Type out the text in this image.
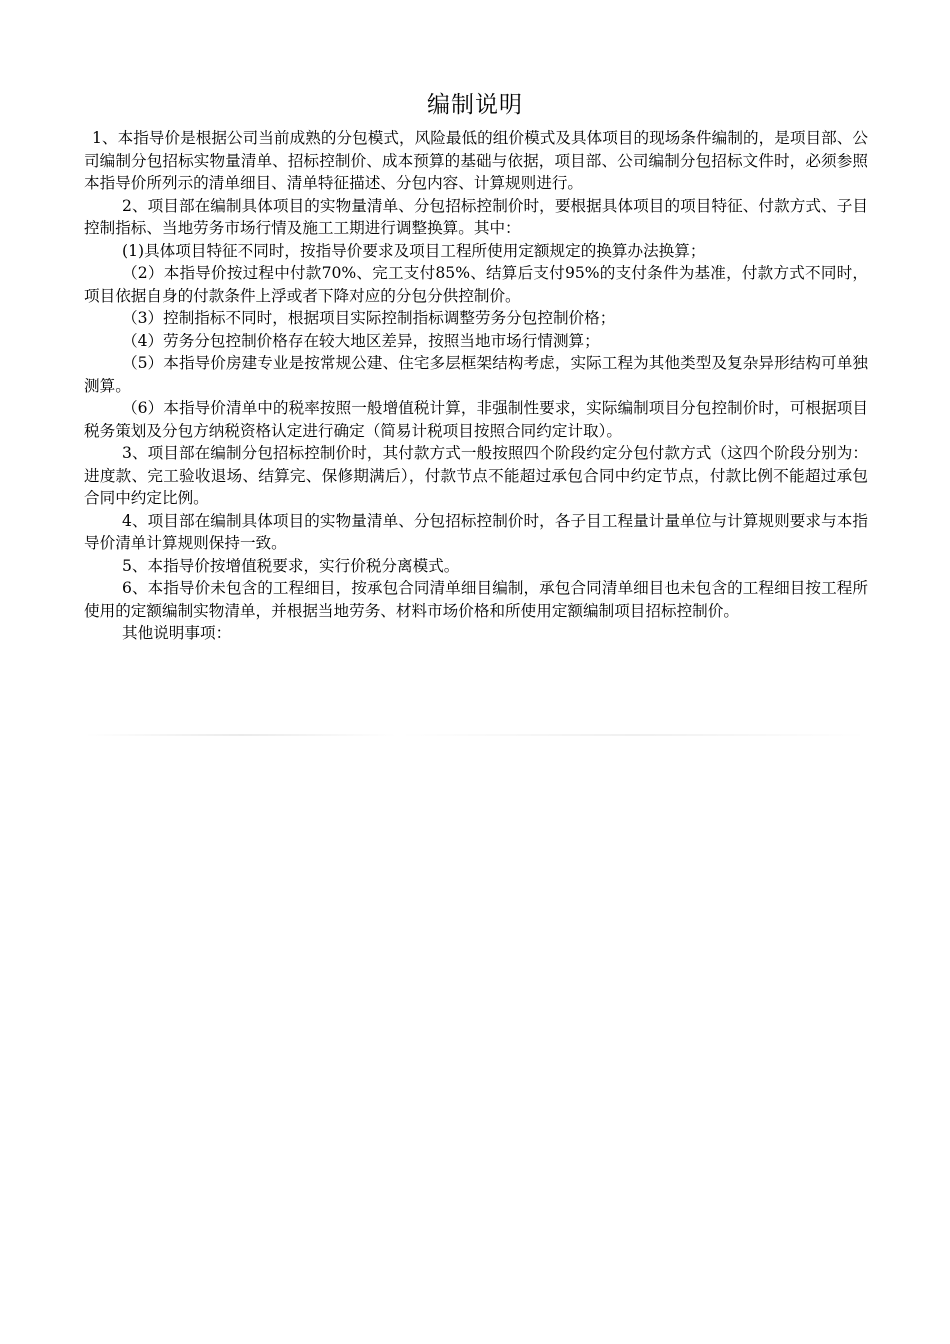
编制说明

1、本指导价是根据公司当前成熟的分包模式，风险最低的组价模式及具体项目的现场条件编制的，是项目部、公司编制分包招标实物量清单、招标控制价、成本预算的基础与依据，项目部、公司编制分包招标文件时，必须参照本指导价所列示的清单细目、清单特征描述、分包内容、计算规则进行。

2、项目部在编制具体项目的实物量清单、分包招标控制价时，要根据具体项目的项目特征、付款方式、子目控制指标、当地劳务市场行情及施工工期进行调整换算。其中：

(1)具体项目特征不同时，按指导价要求及项目工程所使用定额规定的换算办法换算；

（2）本指导价按过程中付款70%、完工支付85%、结算后支付95%的支付条件为基准，付款方式不同时，项目依据自身的付款条件上浮或者下降对应的分包分供控制价。

（3）控制指标不同时，根据项目实际控制指标调整劳务分包控制价格；

（4）劳务分包控制价格存在较大地区差异，按照当地市场行情测算；

（5）本指导价房建专业是按常规公建、住宅多层框架结构考虑，实际工程为其他类型及复杂异形结构可单独测算。

（6）本指导价清单中的税率按照一般增值税计算，非强制性要求，实际编制项目分包控制价时，可根据项目税务策划及分包方纳税资格认定进行确定（简易计税项目按照合同约定计取）。

3、项目部在编制分包招标控制价时，其付款方式一般按照四个阶段约定分包付款方式（这四个阶段分别为：进度款、完工验收退场、结算完、保修期满后），付款节点不能超过承包合同中约定节点，付款比例不能超过承包合同中约定比例。

4、项目部在编制具体项目的实物量清单、分包招标控制价时，各子目工程量计量单位与计算规则要求与本指导价清单计算规则保持一致。

5、本指导价按增值税要求，实行价税分离模式。

6、本指导价未包含的工程细目，按承包合同清单细目编制，承包合同清单细目也未包含的工程细目按工程所使用的定额编制实物清单，并根据当地劳务、材料市场价格和所使用定额编制项目招标控制价。

其他说明事项：
